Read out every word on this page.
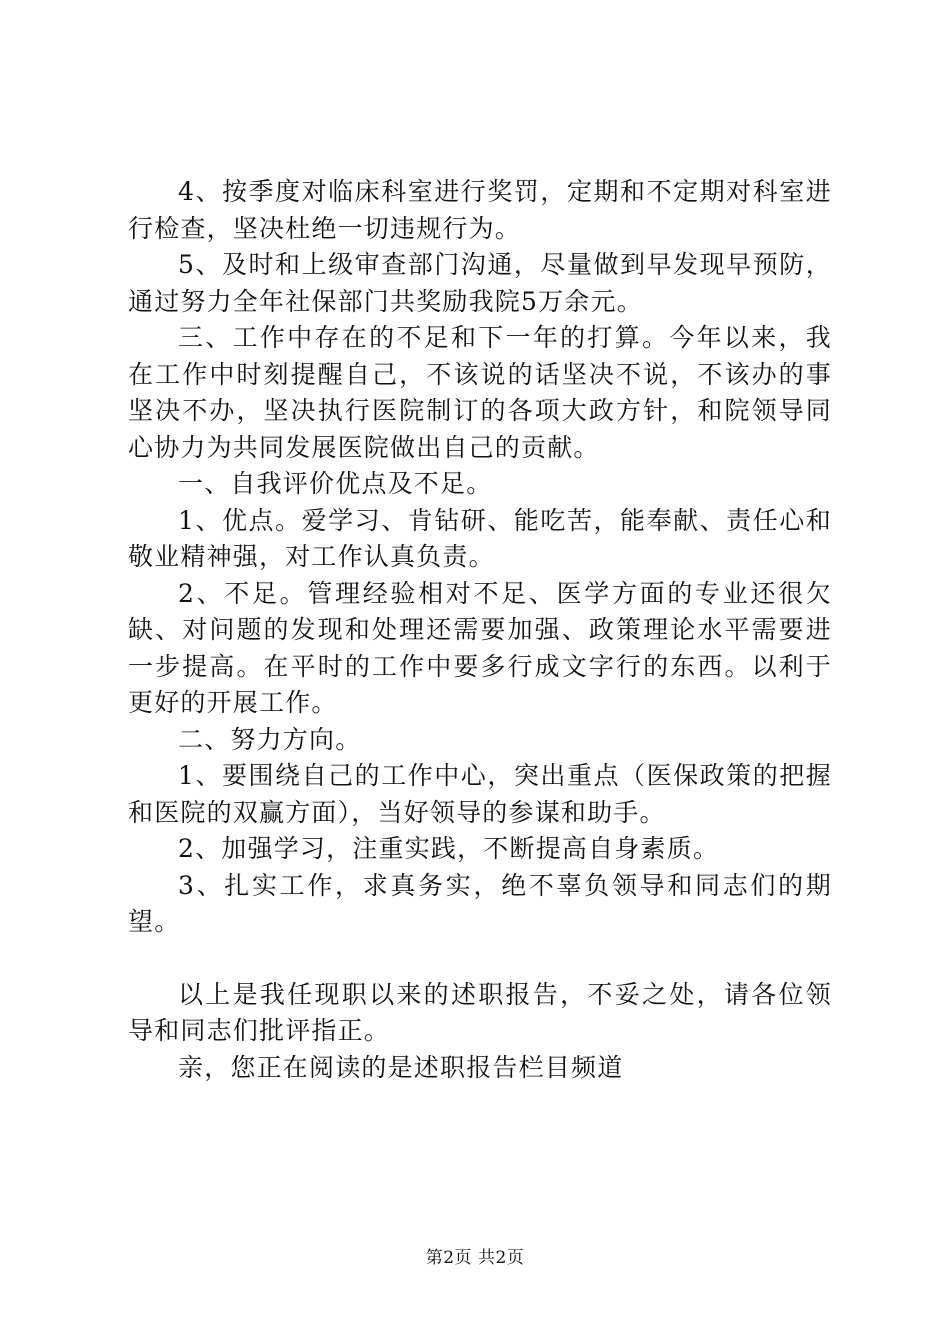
4、按季度对临床科室进行奖罚，定期和不定期对科室进行检查，坚决杜绝一切违规行为。

5、及时和上级审查部门沟通，尽量做到早发现早预防，通过努力全年社保部门共奖励我院5万余元。

三、工作中存在的不足和下一年的打算。今年以来，我在工作中时刻提醒自己，不该说的话坚决不说，不该办的事坚决不办，坚决执行医院制订的各项大政方针，和院领导同心协力为共同发展医院做出自己的贡献。

一、自我评价优点及不足。

1、优点。爱学习、肯钻研、能吃苦，能奉献、责任心和敬业精神强，对工作认真负责。

2、不足。管理经验相对不足、医学方面的专业还很欠缺、对问题的发现和处理还需要加强、政策理论水平需要进一步提高。在平时的工作中要多行成文字行的东西。以利于更好的开展工作。

二、努力方向。

1、要围绕自己的工作中心，突出重点（医保政策的把握和医院的双赢方面），当好领导的参谋和助手。

2、加强学习，注重实践，不断提高自身素质。

3、扎实工作，求真务实，绝不辜负领导和同志们的期望。

以上是我任现职以来的述职报告，不妥之处，请各位领导和同志们批评指正。

亲，您正在阅读的是述职报告栏目频道

第2页 共2页
